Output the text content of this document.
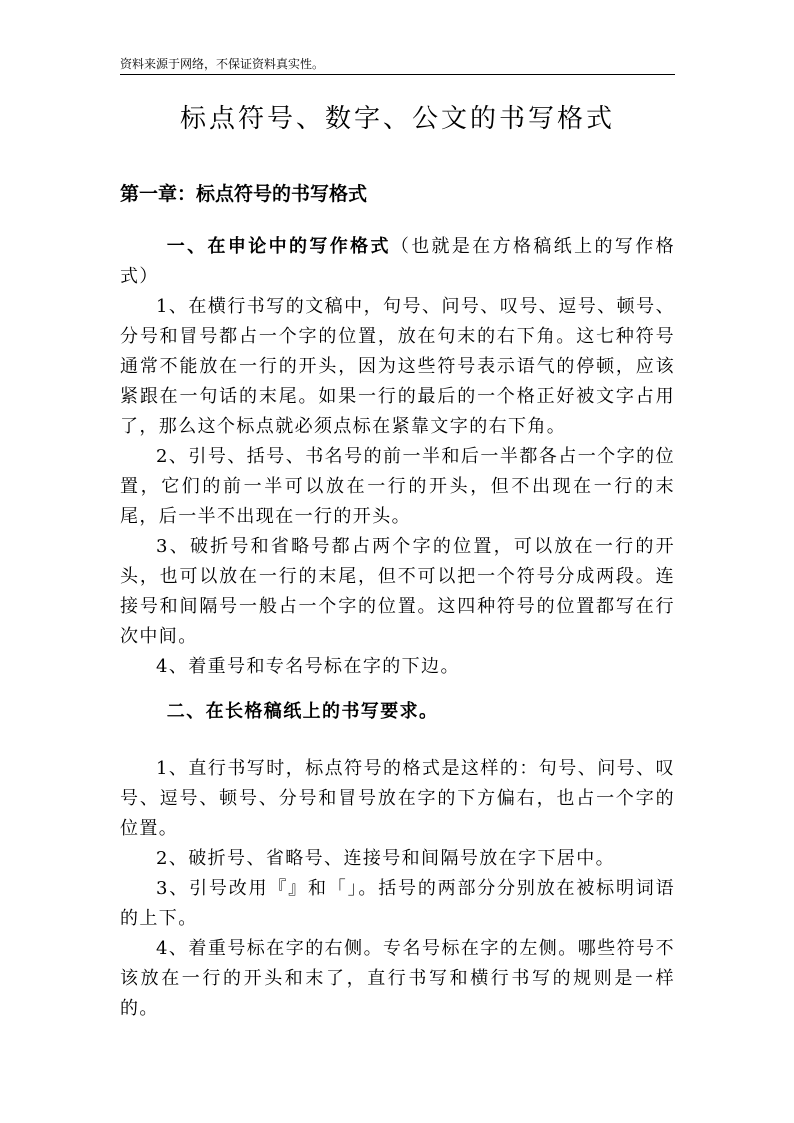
资料来源于网络，不保证资料真实性。
标点符号、数字、公文的书写格式
第一章：标点符号的书写格式

一、在申论中的写作格式（也就是在方格稿纸上的写作格式）

1、在横行书写的文稿中，句号、问号、叹号、逗号、顿号、分号和冒号都占一个字的位置，放在句末的右下角。这七种符号通常不能放在一行的开头，因为这些符号表示语气的停顿，应该紧跟在一句话的末尾。如果一行的最后的一个格正好被文字占用了，那么这个标点就必须点标在紧靠文字的右下角。

2、引号、括号、书名号的前一半和后一半都各占一个字的位置，它们的前一半可以放在一行的开头，但不出现在一行的末尾，后一半不出现在一行的开头。

3、破折号和省略号都占两个字的位置，可以放在一行的开头，也可以放在一行的末尾，但不可以把一个符号分成两段。连接号和间隔号一般占一个字的位置。这四种符号的位置都写在行次中间。

4、着重号和专名号标在字的下边。

二、在长格稿纸上的书写要求。

1、直行书写时，标点符号的格式是这样的：句号、问号、叹号、逗号、顿号、分号和冒号放在字的下方偏右，也占一个字的位置。

2、破折号、省略号、连接号和间隔号放在字下居中。

3、引号改用『』和「」。括号的两部分分别放在被标明词语的上下。

4、着重号标在字的右侧。专名号标在字的左侧。哪些符号不该放在一行的开头和末了，直行书写和横行书写的规则是一样的。
